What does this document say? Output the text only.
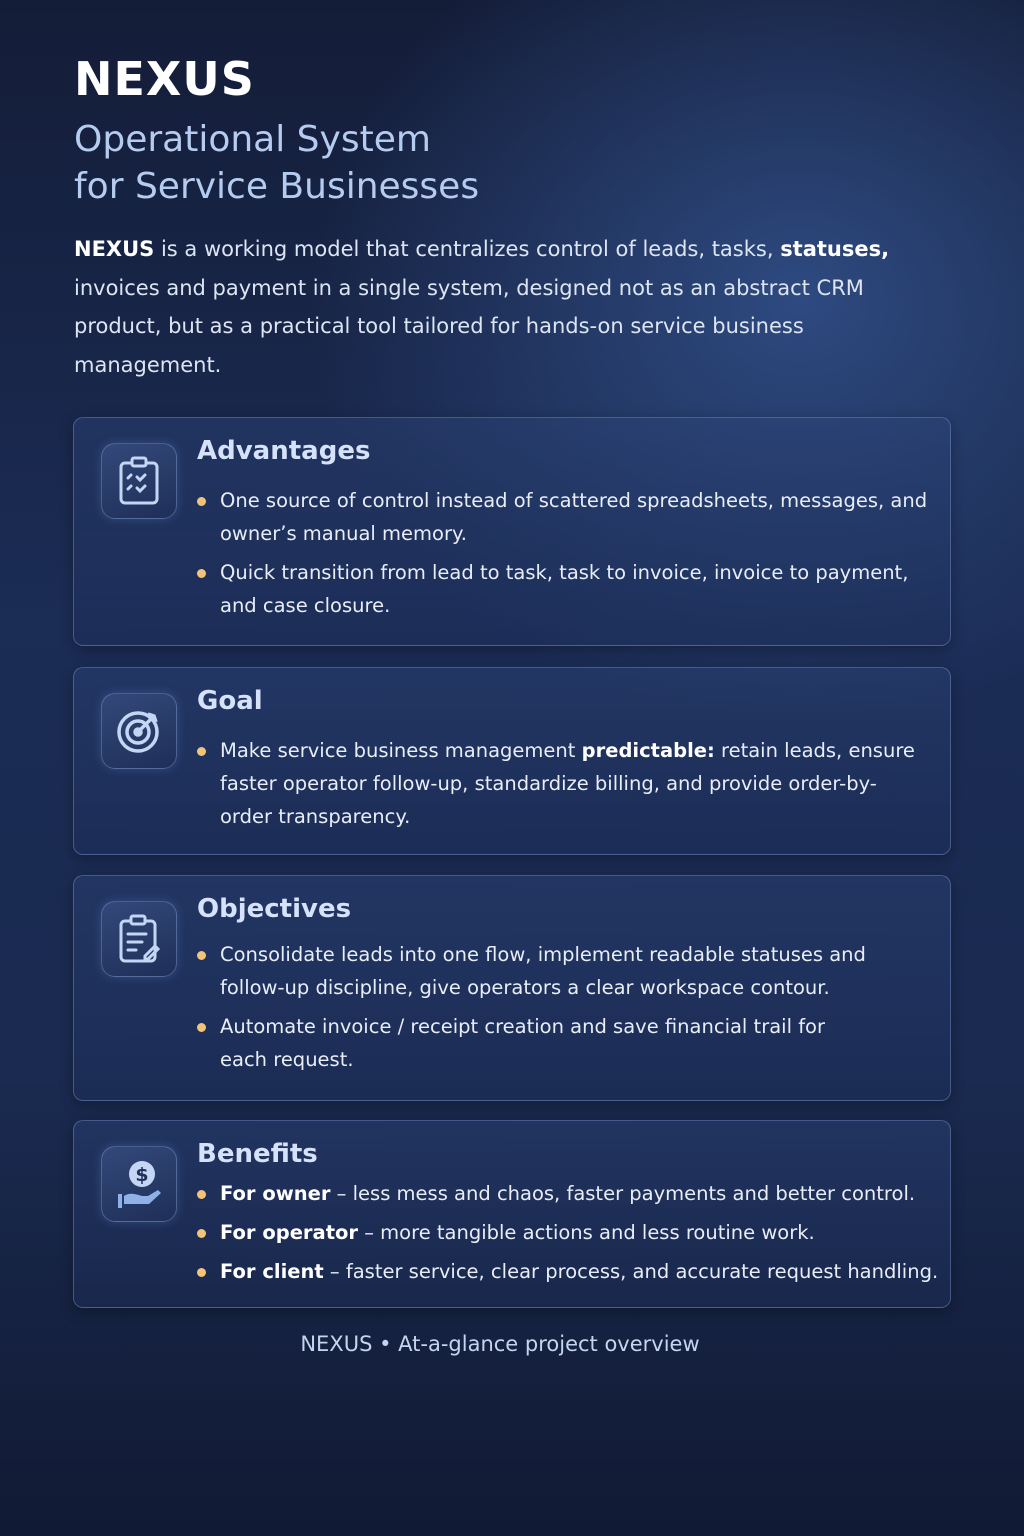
NEXUS
Operational System
for Service Businesses

NEXUS is a working model that centralizes control of leads, tasks, statuses, invoices and payment in a single system, designed not as an abstract CRM product, but as a practical tool tailored for hands-on service business management.

Advantages
One source of control instead of scattered spreadsheets, messages, and owner’s manual memory.
Quick transition from lead to task, task to invoice, invoice to payment, and case closure.
Goal
Make service business management predictable: retain leads, ensure faster operator follow-up, standardize billing, and provide order-by-order transparency.
Objectives
Consolidate leads into one flow, implement readable statuses and follow-up discipline, give operators a clear workspace contour.
Automate invoice / receipt creation and save financial trail for each request.
$
Benefits
For owner – less mess and chaos, faster payments and better control.
For operator – more tangible actions and less routine work.
For client – faster service, clear process, and accurate request handling.
NEXUS • At-a-glance project overview
